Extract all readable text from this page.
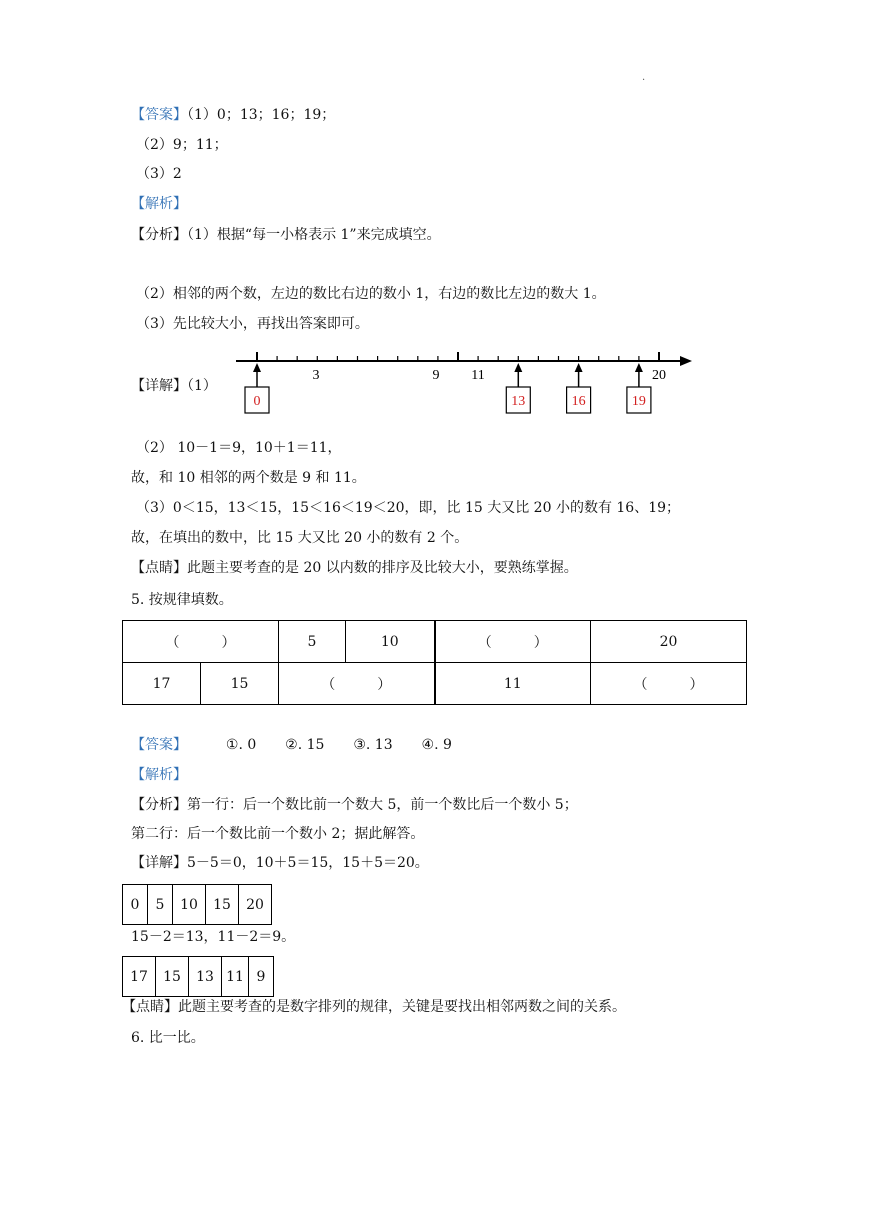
.
【答案】（1）0；13；16；19；
（2）9；11；
（3）2
【解析】
【分析】（1）根据“每一小格表示 1”来完成填空。
（2）相邻的两个数，左边的数比右边的数小 1，右边的数比左边的数大 1。
（3）先比较大小，再找出答案即可。
【详解】（1）
3	9 11	20
0	13	16	19
（2） 10－1＝9，10＋1＝11，
故，和 10 相邻的两个数是 9 和 11。
（3）0＜15，13＜15，15＜16＜19＜20，即，比 15 大又比 20 小的数有 16、19；
故，在填出的数中，比 15 大又比 20 小的数有 2 个。
【点睛】此题主要考查的是 20 以内数的排序及比较大小，要熟练掌握。
5. 按规律填数。
（　　　）		5	10	（　　　）	20
17	15	（　　　）		11	（　　　）
【答案】	①. 0 ②. 15 ③. 13 ④. 9
【解析】
【分析】第一行：后一个数比前一个数大 5，前一个数比后一个数小 5；
第二行：后一个数比前一个数小 2；据此解答。
【详解】5－5＝0，10＋5＝15，15＋5＝20。
0	5	10	15	20
15－2＝13，11－2＝9。
17	15	13	11	9
【点睛】此题主要考查的是数字排列的规律，关键是要找出相邻两数之间的关系。
6. 比一比。
